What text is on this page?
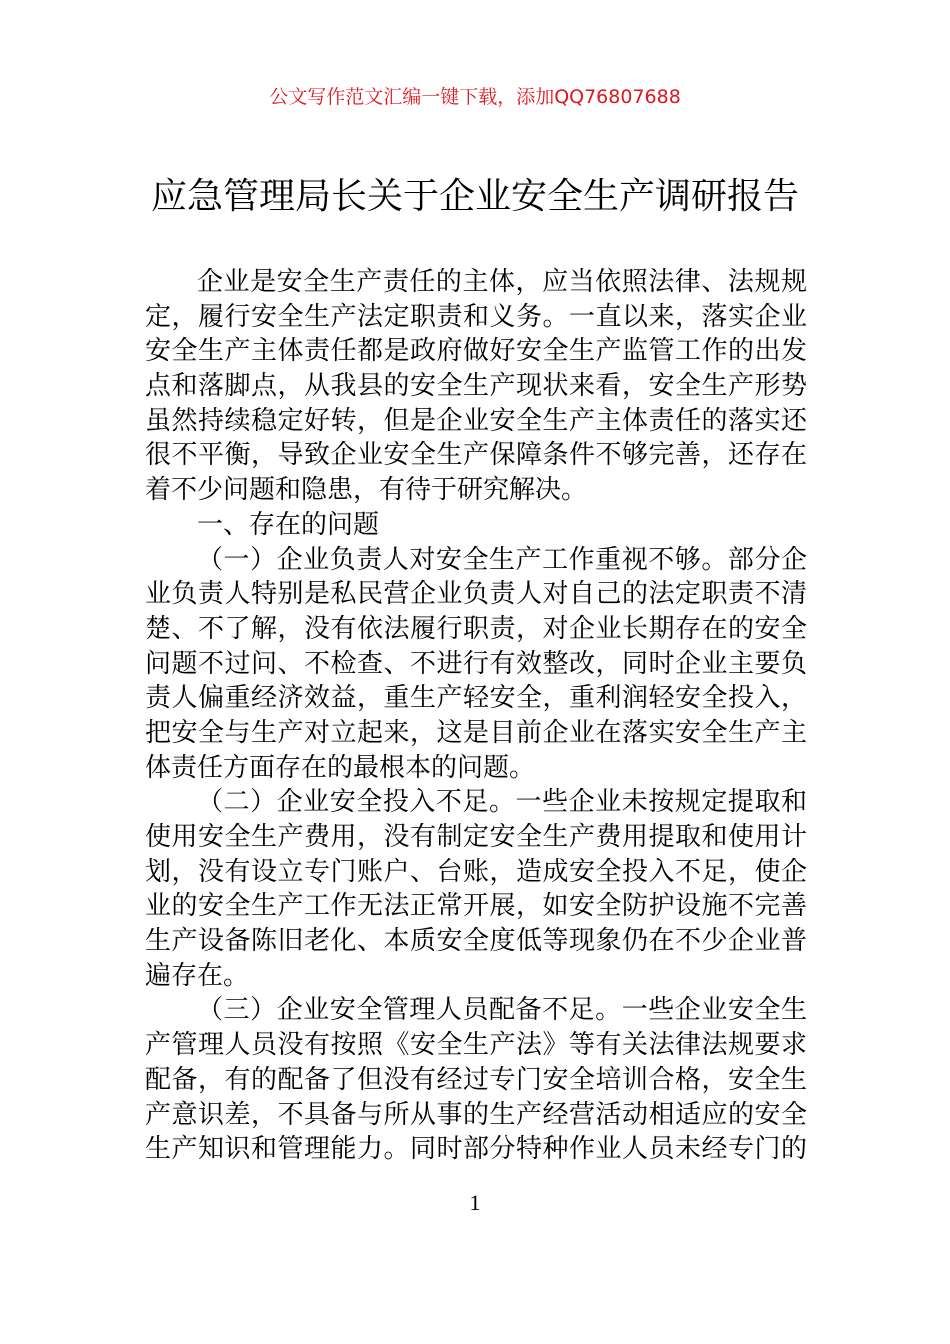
公文写作范文汇编一键下载，添加QQ76807688
应急管理局长关于企业安全生产调研报告
企业是安全生产责任的主体，应当依照法律、法规规
定，履行安全生产法定职责和义务。一直以来，落实企业
安全生产主体责任都是政府做好安全生产监管工作的出发
点和落脚点，从我县的安全生产现状来看，安全生产形势
虽然持续稳定好转，但是企业安全生产主体责任的落实还
很不平衡，导致企业安全生产保障条件不够完善，还存在
着不少问题和隐患，有待于研究解决。
一、存在的问题
（一）企业负责人对安全生产工作重视不够。部分企
业负责人特别是私民营企业负责人对自己的法定职责不清
楚、不了解，没有依法履行职责，对企业长期存在的安全
问题不过问、不检查、不进行有效整改，同时企业主要负
责人偏重经济效益，重生产轻安全，重利润轻安全投入，
把安全与生产对立起来，这是目前企业在落实安全生产主
体责任方面存在的最根本的问题。
（二）企业安全投入不足。一些企业未按规定提取和
使用安全生产费用，没有制定安全生产费用提取和使用计
划，没有设立专门账户、台账，造成安全投入不足，使企
业的安全生产工作无法正常开展，如安全防护设施不完善
生产设备陈旧老化、本质安全度低等现象仍在不少企业普
遍存在。
（三）企业安全管理人员配备不足。一些企业安全生
产管理人员没有按照《安全生产法》等有关法律法规要求
配备，有的配备了但没有经过专门安全培训合格，安全生
产意识差，不具备与所从事的生产经营活动相适应的安全
生产知识和管理能力。同时部分特种作业人员未经专门的
1
